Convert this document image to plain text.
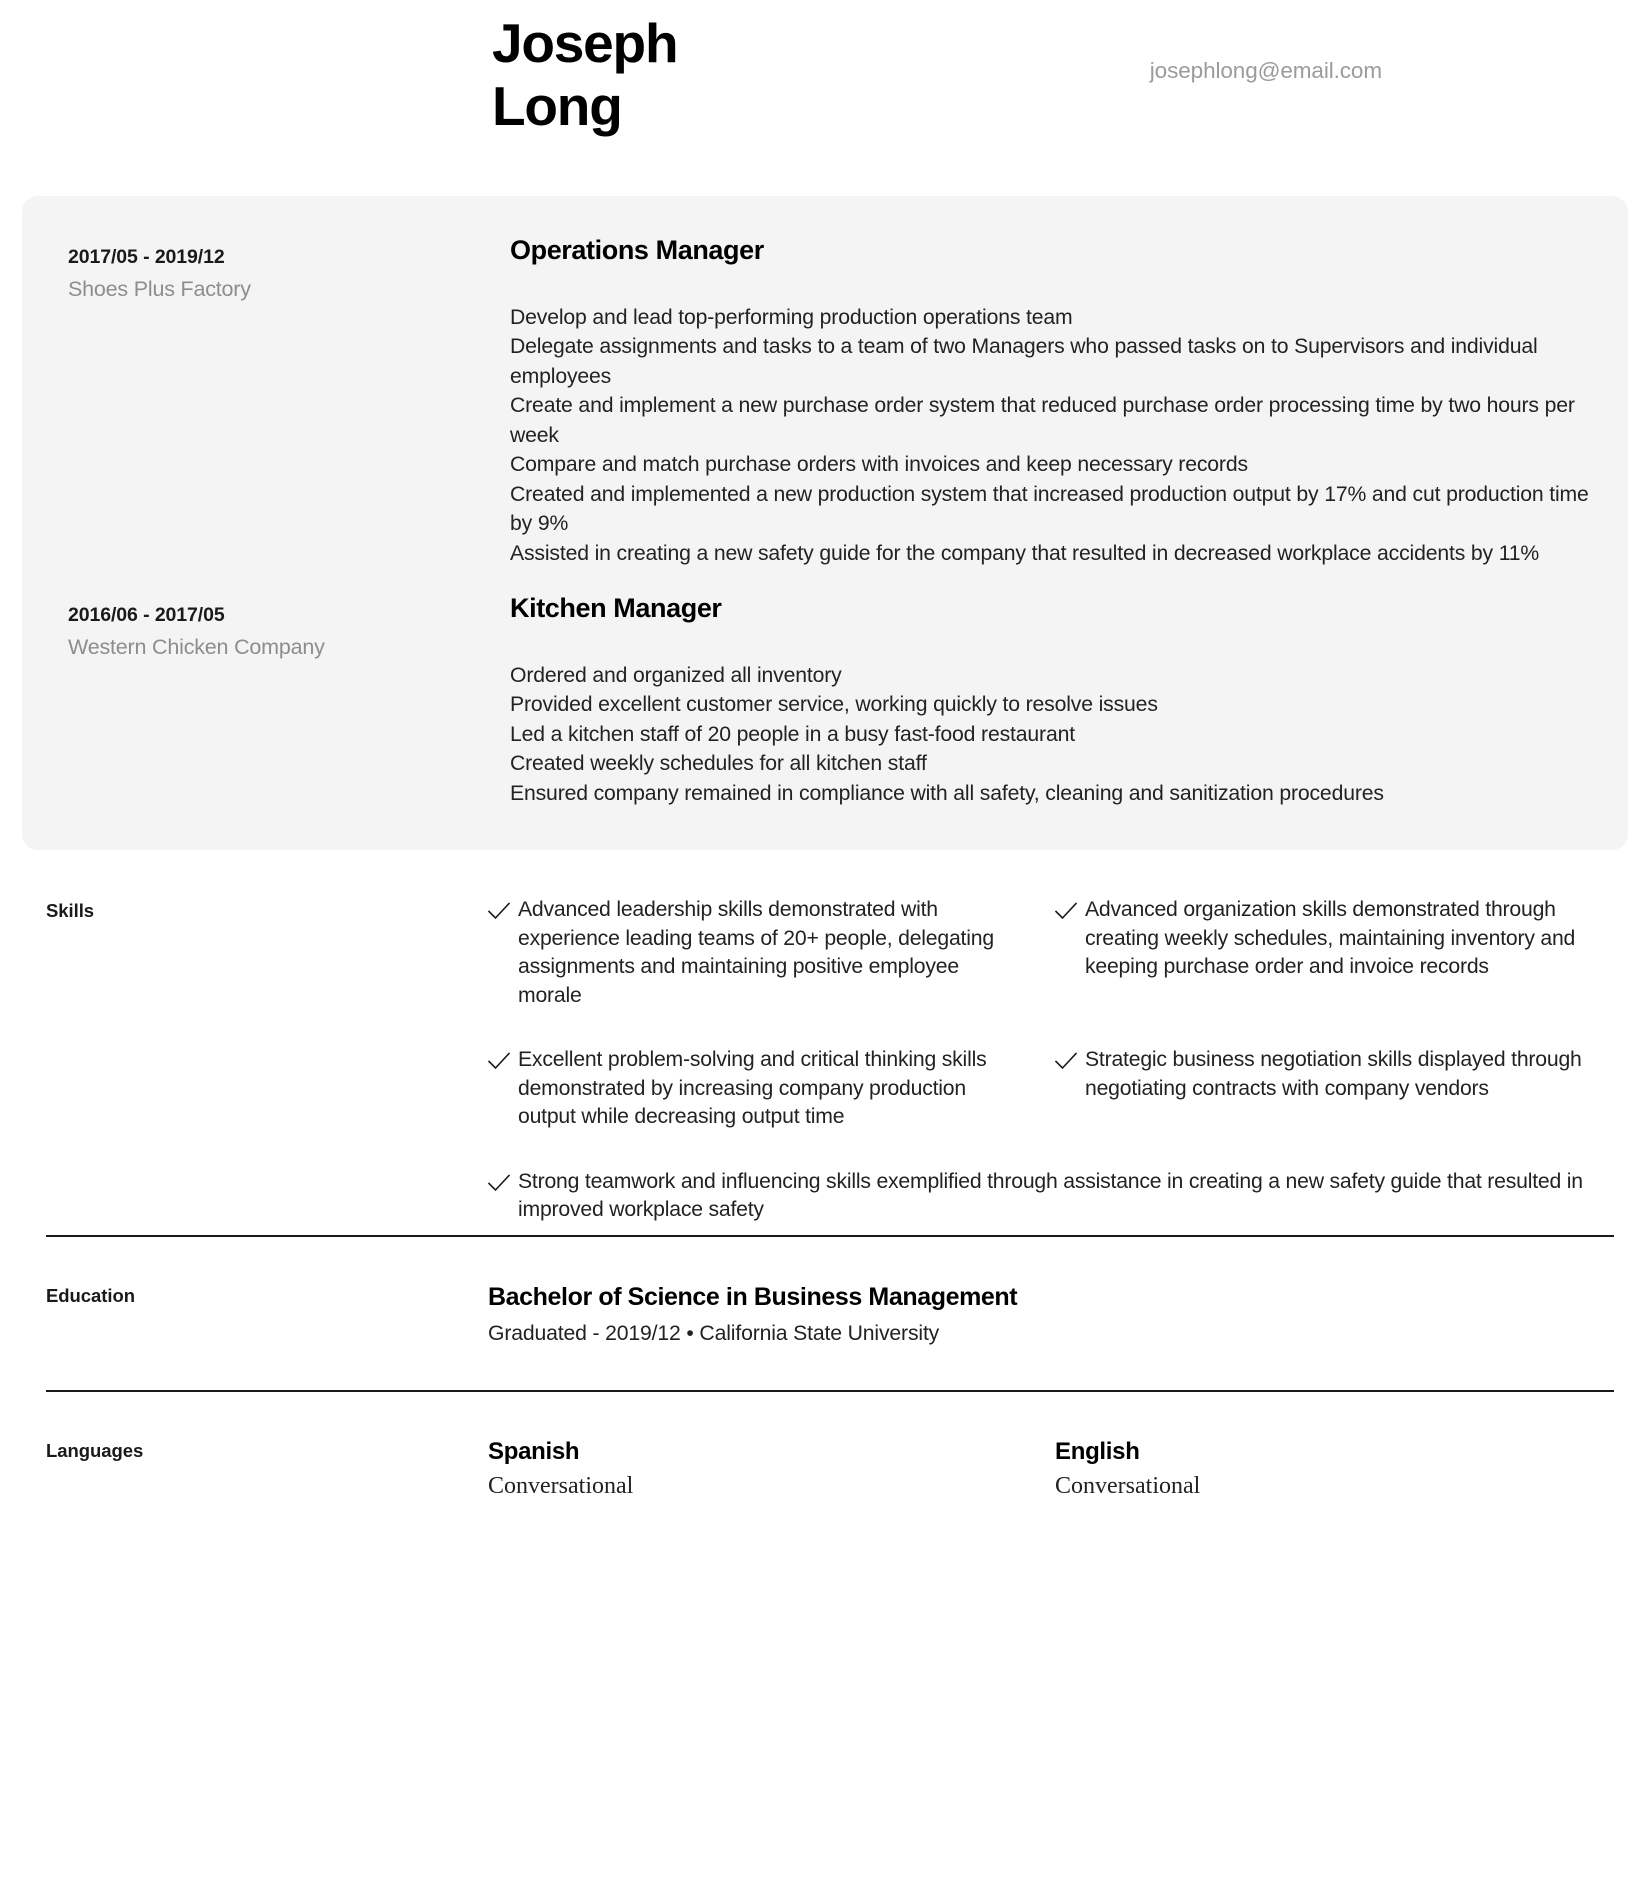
Joseph
Long
josephlong@email.com
2017/05 - 2019/12
Shoes Plus Factory
Operations Manager
Develop and lead top-performing production operations team
Delegate assignments and tasks to a team of two Managers who passed tasks on to Supervisors and individual employees
Create and implement a new purchase order system that reduced purchase order processing time by two hours per week
Compare and match purchase orders with invoices and keep necessary records
Created and implemented a new production system that increased production output by 17% and cut production time by 9%
Assisted in creating a new safety guide for the company that resulted in decreased workplace accidents by 11%
2016/06 - 2017/05
Western Chicken Company
Kitchen Manager
Ordered and organized all inventory
Provided excellent customer service, working quickly to resolve issues
Led a kitchen staff of 20 people in a busy fast-food restaurant
Created weekly schedules for all kitchen staff
Ensured company remained in compliance with all safety, cleaning and sanitization procedures
Skills	Advanced leadership skills demonstrated with experience leading teams of 20+ people, delegating assignments and maintaining positive employee morale
Advanced organization skills demonstrated through creating weekly schedules, maintaining inventory and keeping purchase order and invoice records
Excellent problem-solving and critical thinking skills demonstrated by increasing company production output while decreasing output time
Strategic business negotiation skills displayed through negotiating contracts with company vendors
Strong teamwork and influencing skills exemplified through assistance in creating a new safety guide that resulted in improved workplace safety
Education	Bachelor of Science in Business Management
Graduated - 2019/12 • California State University
Languages	Spanish
Conversational
English
Conversational
